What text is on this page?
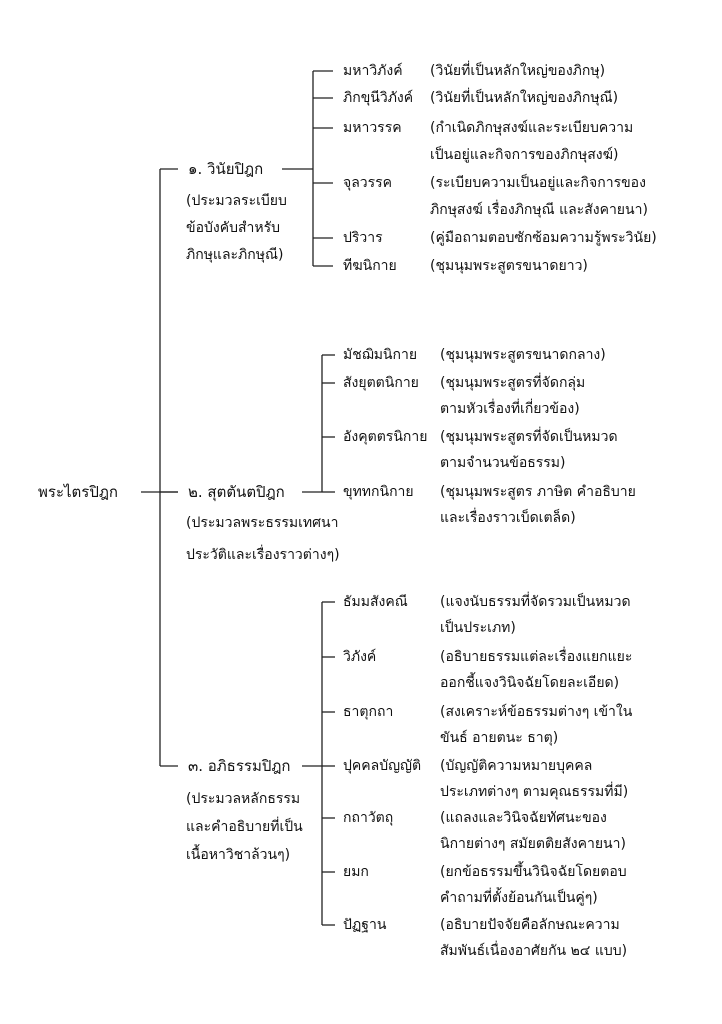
พระไตรปิฎก
๑. วินัยปิฎก
(ประมวลระเบียบ
ข้อบังคับสำหรับ
ภิกษุและภิกษุณี)
มหาวิภังค์ (วินัยที่เป็นหลักใหญ่ของภิกษุ)
ภิกขุนีวิภังค์ (วินัยที่เป็นหลักใหญ่ของภิกษุณี)
มหาวรรค (กำเนิดภิกษุสงฆ์และระเบียบความ
เป็นอยู่และกิจการของภิกษุสงฆ์)
จุลวรรค	(ระเบียบความเป็นอยู่และกิจการของ
ภิกษุสงฆ์ เรื่องภิกษุณี และสังคายนา)
ปริวาร	(คู่มือถามตอบซักซ้อมความรู้พระวินัย)
ทีฆนิกาย (ชุมนุมพระสูตรขนาดยาว)
๒. สุตตันตปิฎก
(ประมวลพระธรรมเทศนา
ประวัติและเรื่องราวต่างๆ)
มัชฌิมนิกาย (ชุมนุมพระสูตรขนาดกลาง)
สังยุตตนิกาย (ชุมนุมพระสูตรที่จัดกลุ่ม
ตามหัวเรื่องที่เกี่ยวข้อง)
อังคุตตรนิกาย (ชุมนุมพระสูตรที่จัดเป็นหมวด
ตามจำนวนข้อธรรม)
ขุททกนิกาย (ชุมนุมพระสูตร ภาษิต คำอธิบาย
และเรื่องราวเบ็ดเตล็ด)
๓. อภิธรรมปิฎก
(ประมวลหลักธรรม
และคำอธิบายที่เป็น
เนื้อหาวิชาล้วนๆ)
ธัมมสังคณี (แจงนับธรรมที่จัดรวมเป็นหมวด
เป็นประเภท)
วิภังค์	(อธิบายธรรมแต่ละเรื่องแยกแยะ
ออกชี้แจงวินิจฉัยโดยละเอียด)
ธาตุกถา	(สงเคราะห์ข้อธรรมต่างๆ เข้าใน
ขันธ์ อายตนะ ธาตุ)
ปุคคลบัญญัติ (บัญญัติความหมายบุคคล
ประเภทต่างๆ ตามคุณธรรมที่มี)
กถาวัตถุ	(แถลงและวินิจฉัยทัศนะของ
นิกายต่างๆ สมัยตติยสังคายนา)
ยมก	(ยกข้อธรรมขึ้นวินิจฉัยโดยตอบ
คำถามที่ตั้งย้อนกันเป็นคู่ๆ)
ปัฏฐาน	(อธิบายปัจจัยคือลักษณะความ
สัมพันธ์เนื่องอาศัยกัน ๒๔ แบบ)
